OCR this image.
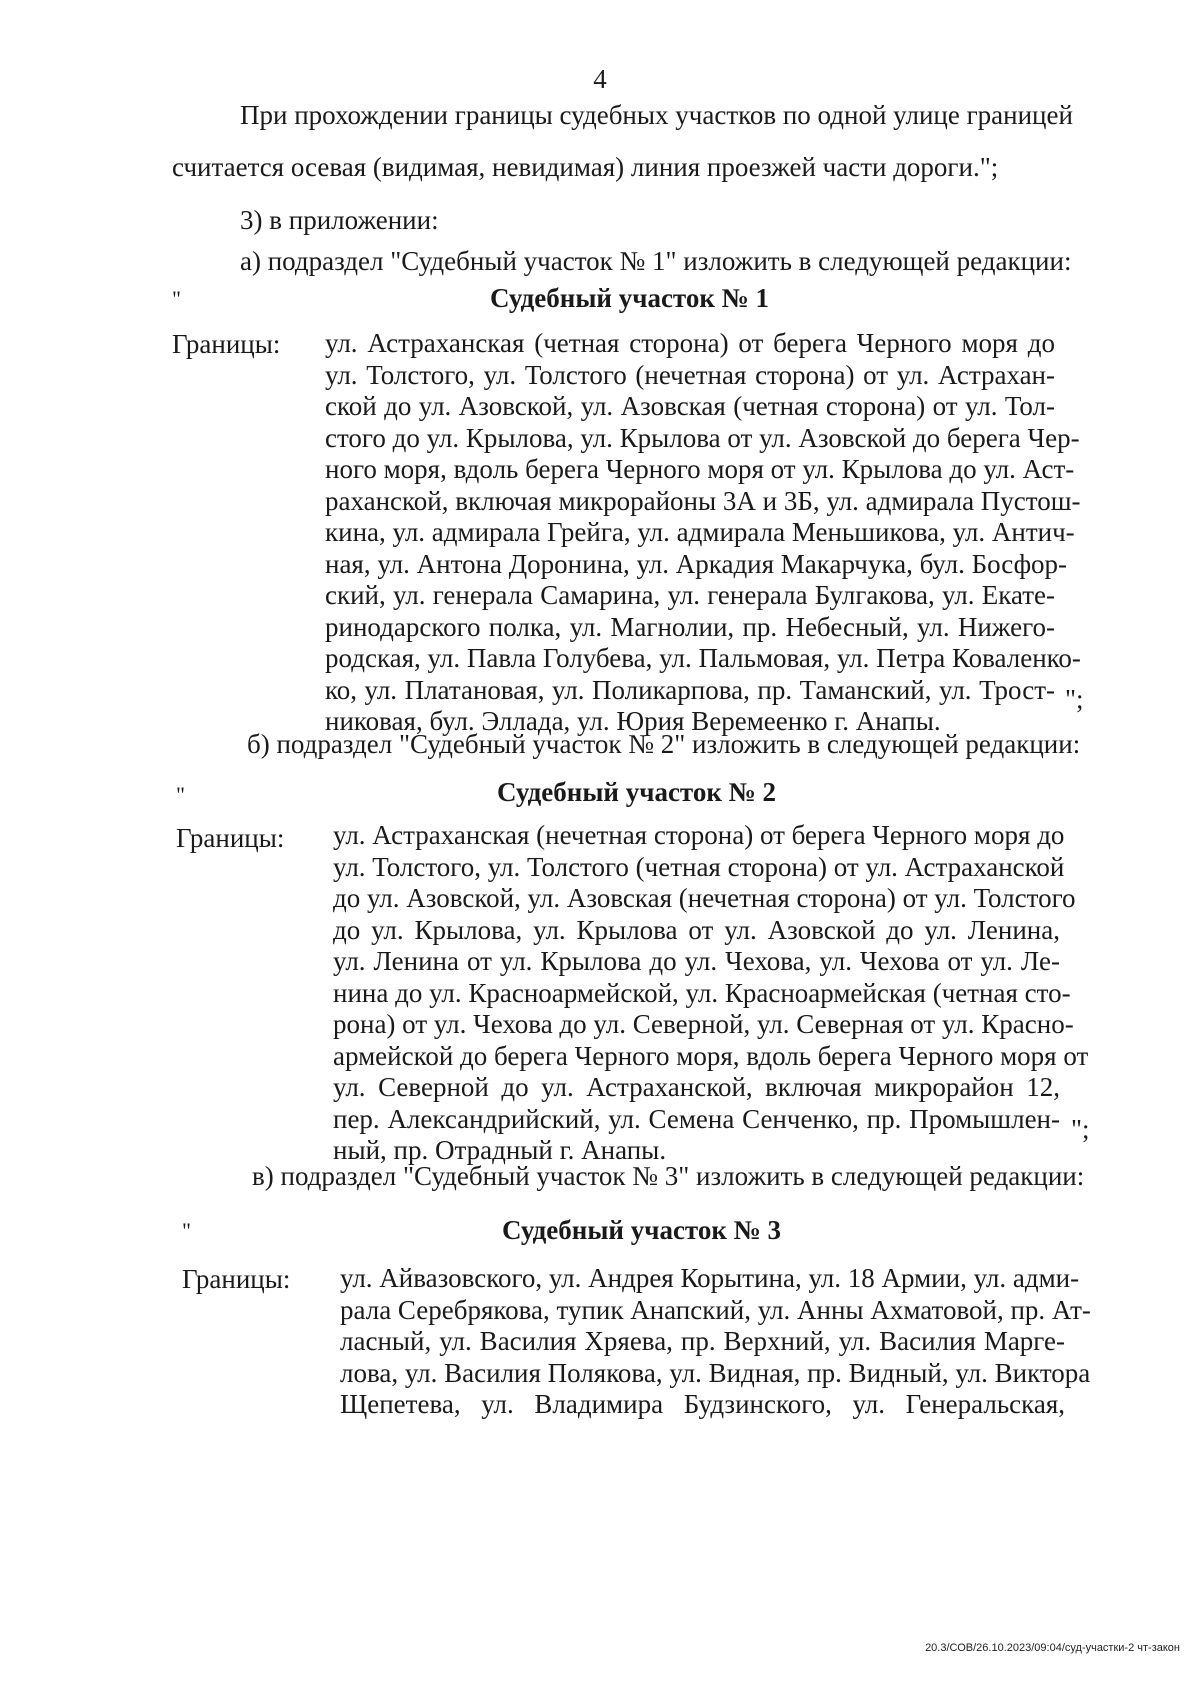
4
При прохождении границы судебных участков по одной улице границей
считается осевая (видимая, невидимая) линия проезжей части дороги.";
3) в приложении:
а) подраздел "Судебный участок № 1" изложить в следующей редакции:
"	Судебный участок № 1
Границы: ул. Астраханская (четная сторона) от берега Черного моря до
ул. Толстого, ул. Толстого (нечетная сторона) от ул. Астрахан-
ской до ул. Азовской, ул. Азовская (четная сторона) от ул. Тол-
стого до ул. Крылова, ул. Крылова от ул. Азовской до берега Чер-
ного моря, вдоль берега Черного моря от ул. Крылова до ул. Аст-
раханской, включая микрорайоны 3А и 3Б, ул. адмирала Пустош-
кина, ул. адмирала Грейга, ул. адмирала Меньшикова, ул. Антич-
ная, ул. Антона Доронина, ул. Аркадия Макарчука, бул. Босфор-
ский, ул. генерала Самарина, ул. генерала Булгакова, ул. Екате-
ринодарского полка, ул. Магнолии, пр. Небесный, ул. Нижего-
родская, ул. Павла Голубева, ул. Пальмовая, ул. Петра Коваленко-
ко, ул. Платановая, ул. Поликарпова, пр. Таманский, ул. Трост-
никовая, бул. Эллада, ул. Юрия Веремеенко г. Анапы.
";
б) подраздел "Судебный участок № 2" изложить в следующей редакции:
"	Судебный участок № 2
Границы: ул. Астраханская (нечетная сторона) от берега Черного моря до
ул. Толстого, ул. Толстого (четная сторона) от ул. Астраханской
до ул. Азовской, ул. Азовская (нечетная сторона) от ул. Толстого
до ул. Крылова, ул. Крылова от ул. Азовской до ул. Ленина,
ул. Ленина от ул. Крылова до ул. Чехова, ул. Чехова от ул. Ле-
нина до ул. Красноармейской, ул. Красноармейская (четная сто-
рона) от ул. Чехова до ул. Северной, ул. Северная от ул. Красно-
армейской до берега Черного моря, вдоль берега Черного моря от
ул. Северной до ул. Астраханской, включая микрорайон 12,
пер. Александрийский, ул. Семена Сенченко, пр. Промышлен-
ный, пр. Отрадный г. Анапы.
";
в) подраздел "Судебный участок № 3" изложить в следующей редакции:
"	Судебный участок № 3
Границы: ул. Айвазовского, ул. Андрея Корытина, ул. 18 Армии, ул. адми-
рала Серебрякова, тупик Анапский, ул. Анны Ахматовой, пр. Ат-
ласный, ул. Василия Хряева, пр. Верхний, ул. Василия Марге-
лова, ул. Василия Полякова, ул. Видная, пр. Видный, ул. Виктора
Щепетева, ул. Владимира Будзинского, ул. Генеральская,
20.3/СОВ/26.10.2023/09:04/суд-участки-2 чт-закон
